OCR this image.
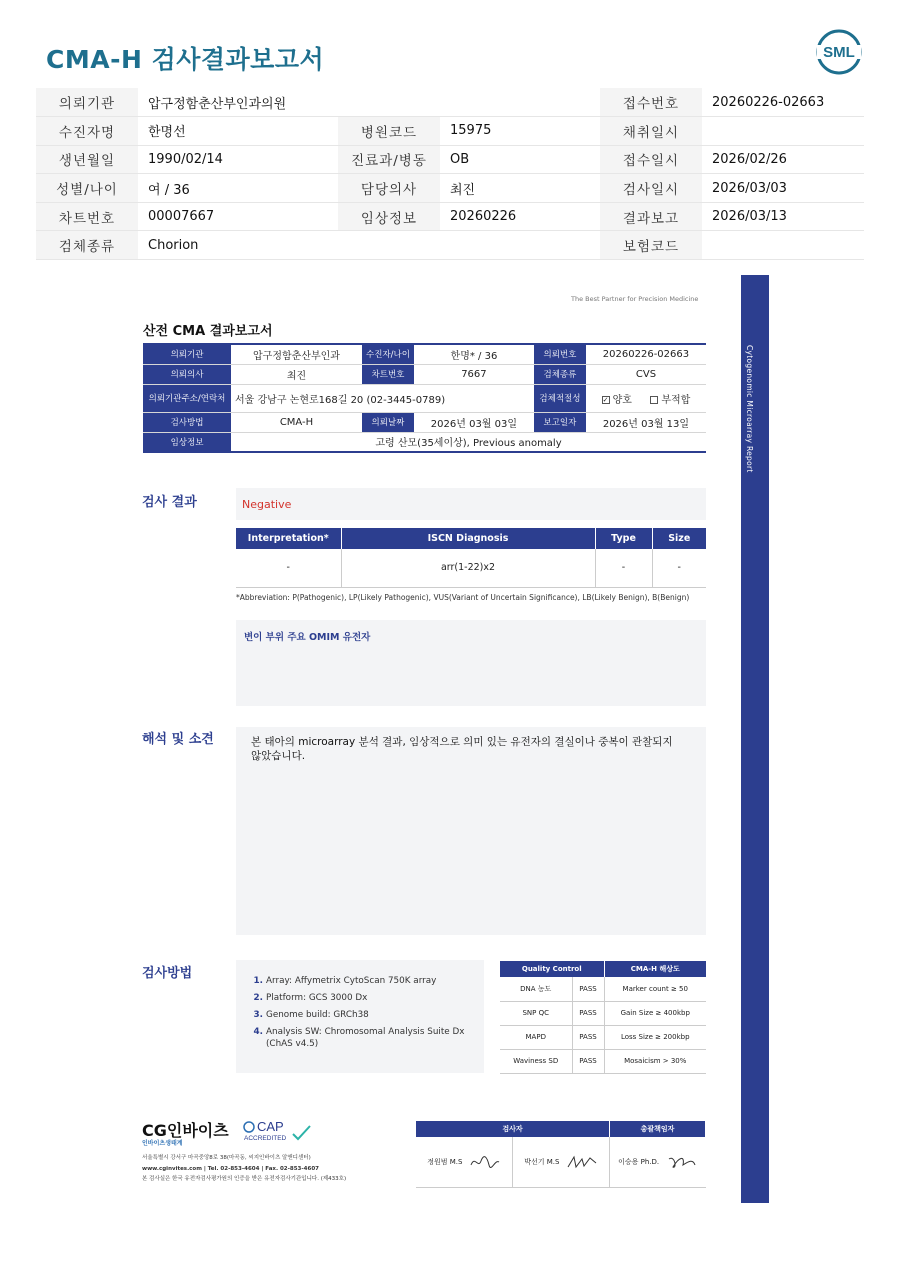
CMA-H 검사결과보고서	SML
의뢰기관	압구정함춘산부인과의원			접수번호	20260226-02663
수진자명	한명선	병원코드	15975	채취일시	
생년월일	1990/02/14	진료과/병동	OB	접수일시	2026/02/26
성별/나이	여 / 36	담당의사	최진	검사일시	2026/03/03
차트번호	00007667	임상정보	20260226	결과보고	2026/03/13
검체종류	Chorion			보험코드	
The Best Partner for Precision Medicine
Cytogenomic Microarray Report
산전 CMA 결과보고서
의뢰기관	압구정함춘산부인과	수진자/나이	한명* / 36	의뢰번호	20260226-02663
의뢰의사	최진	차트번호	7667	검체종류	CVS
의뢰기관주소/연락처	서울 강남구 논현로168길 20 (02-3445-0789)			검체적절성	✓ 양호 부적합
검사방법	CMA-H	의뢰날짜	2026년 03월 03일	보고일자	2026년 03월 13일
임상정보	고령 산모(35세이상), Previous anomaly				
검사 결과	Negative
Interpretation*	ISCN Diagnosis	Type	Size
-	arr(1-22)x2	-	-
*Abbreviation: P(Pathogenic), LP(Likely Pathogenic), VUS(Variant of Uncertain Significance), LB(Likely Benign), B(Benign)
변이 부위 주요 OMIM 유전자
해석 및 소견	본 태아의 microarray 분석 결과, 임상적으로 의미 있는 유전자의 결실이나 중복이 관찰되지 않았습니다.
검사방법	1. Array: Affymetrix CytoScan 750K array
2. Platform: GCS 3000 Dx
3. Genome build: GRCh38
4. Analysis SW: Chromosomal Analysis Suite Dx (ChAS v4.5)
Quality Control		CMA-H 해상도
DNA 농도	PASS	Marker count ≥ 50
SNP QC	PASS	Gain Size ≥ 400kbp
MAPD	PASS	Loss Size ≥ 200kbp
Waviness SD	PASS	Mosaicism > 30%
CG인바이츠
인바이츠생태계
CAP
ACCREDITED
서울특별시 강서구 마곡중앙8로 38(마곡동, 씨지인바이츠 알앤디센터)
www.cginvites.com | Tel. 02-853-4604 | Fax. 02-853-4607
본 검사실은 한국 유전자검사평가원의 인증을 받은 유전자검사기관입니다. (제433호)
검사자		총괄책임자
정원범 M.S	박선기 M.S	이승용 Ph.D.
